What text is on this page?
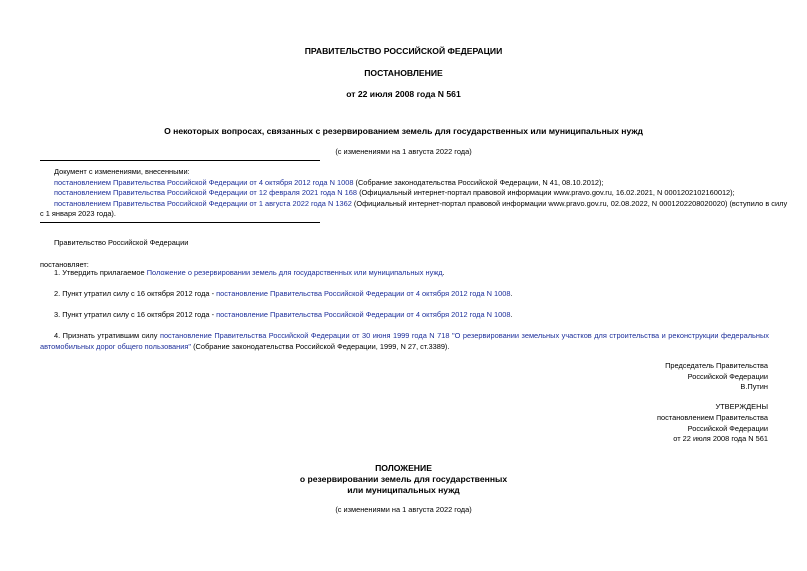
ПРАВИТЕЛЬСТВО РОССИЙСКОЙ ФЕДЕРАЦИИ
ПОСТАНОВЛЕНИЕ
от 22 июля 2008 года N 561
О некоторых вопросах, связанных с резервированием земель для государственных или муниципальных нужд
(с изменениями на 1 августа 2022 года)
Документ с изменениями, внесенными:
постановлением Правительства Российской Федерации от 4 октября 2012 года N 1008 (Собрание законодательства Российской Федерации, N 41, 08.10.2012);
постановлением Правительства Российской Федерации от 12 февраля 2021 года N 168 (Официальный интернет-портал правовой информации www.pravo.gov.ru, 16.02.2021, N 0001202102160012);
постановлением Правительства Российской Федерации от 1 августа 2022 года N 1362 (Официальный интернет-портал правовой информации www.pravo.gov.ru, 02.08.2022, N 0001202208020020) (вступило в силу
с 1 января 2023 года).
Правительство Российской Федерации
постановляет:
1. Утвердить прилагаемое Положение о резервировании земель для государственных или муниципальных нужд.
2. Пункт утратил силу с 16 октября 2012 года - постановление Правительства Российской Федерации от 4 октября 2012 года N 1008.
3. Пункт утратил силу с 16 октября 2012 года - постановление Правительства Российской Федерации от 4 октября 2012 года N 1008.
4. Признать утратившим силу постановление Правительства Российской Федерации от 30 июня 1999 года N 718 "О резервировании земельных участков для строительства и реконструкции федеральных автомобильных дорог общего пользования" (Собрание законодательства Российской Федерации, 1999, N 27, ст.3389).
Председатель Правительства
Российской Федерации
В.Путин
УТВЕРЖДЕНЫ
постановлением Правительства
Российской Федерации
от 22 июля 2008 года N 561
ПОЛОЖЕНИЕ
о резервировании земель для государственных
или муниципальных нужд
(с изменениями на 1 августа 2022 года)
